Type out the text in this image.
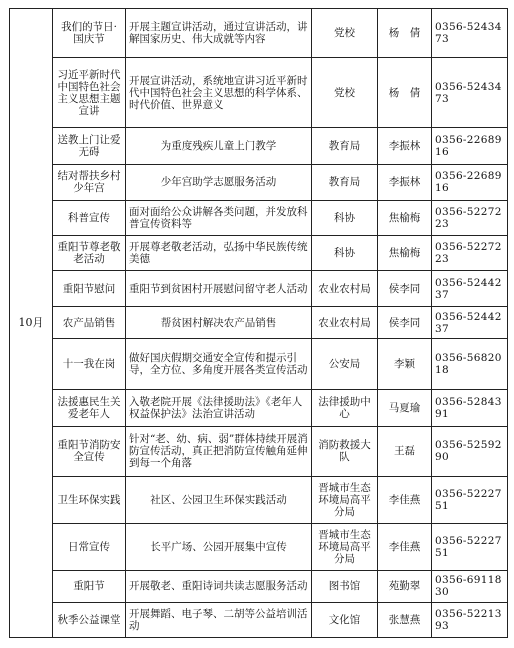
10月	我们的节日·国庆节	开展主题宣讲活动，通过宣讲活动，讲解国家历史、伟大成就等内容	党校	杨　倩	0356-5243473
	习近平新时代中国特色社会主义思想主题宣讲	开展宣讲活动，系统地宣讲习近平新时代中国特色社会主义思想的科学体系、时代价值、世界意义	党校	杨　倩	0356-5243473
	送教上门让爱无碍	为重度残疾儿童上门教学	教育局	李振林	0356-2268916
	结对帮扶乡村少年宫	少年宫助学志愿服务活动	教育局	李振林	0356-2268916
	科普宣传	面对面给公众讲解各类问题，并发放科普宣传资料等	科协	焦榆梅	0356-5227223
	重阳节尊老敬老活动	开展尊老敬老活动，弘扬中华民族传统美德	科协	焦榆梅	0356-5227223
	重阳节慰问	重阳节到贫困村开展慰问留守老人活动	农业农村局	侯李同	0356-5244237
	农产品销售	帮贫困村解决农产品销售	农业农村局	侯李同	0356-5244237
	十一我在岗	做好国庆假期交通安全宣传和提示引导，全方位、多角度开展各类宣传活动	公安局	李颖	0356-5682018
	法援惠民生关爱老年人	入敬老院开展《法律援助法》《老年人权益保护法》法治宣讲活动	法律援助中心	马夏瑜	0356-5284391
	重阳节消防安全宣传	针对“老、幼、病、弱”群体持续开展消防宣传活动，真正把消防宣传触角延伸到每一个角落	消防救援大队	王磊	0356-5259290
	卫生环保实践	社区、公园卫生环保实践活动	晋城市生态环境局高平分局	李佳燕	0356-5222751
	日常宣传	长平广场、公园开展集中宣传	晋城市生态环境局高平分局	李佳燕	0356-5222751
	重阳节	开展敬老、重阳诗词共读志愿服务活动	图书馆	苑勤翠	0356-6911830
	秋季公益课堂	开展舞蹈、电子琴、二胡等公益培训活动	文化馆	张慧燕	0356-5221393
